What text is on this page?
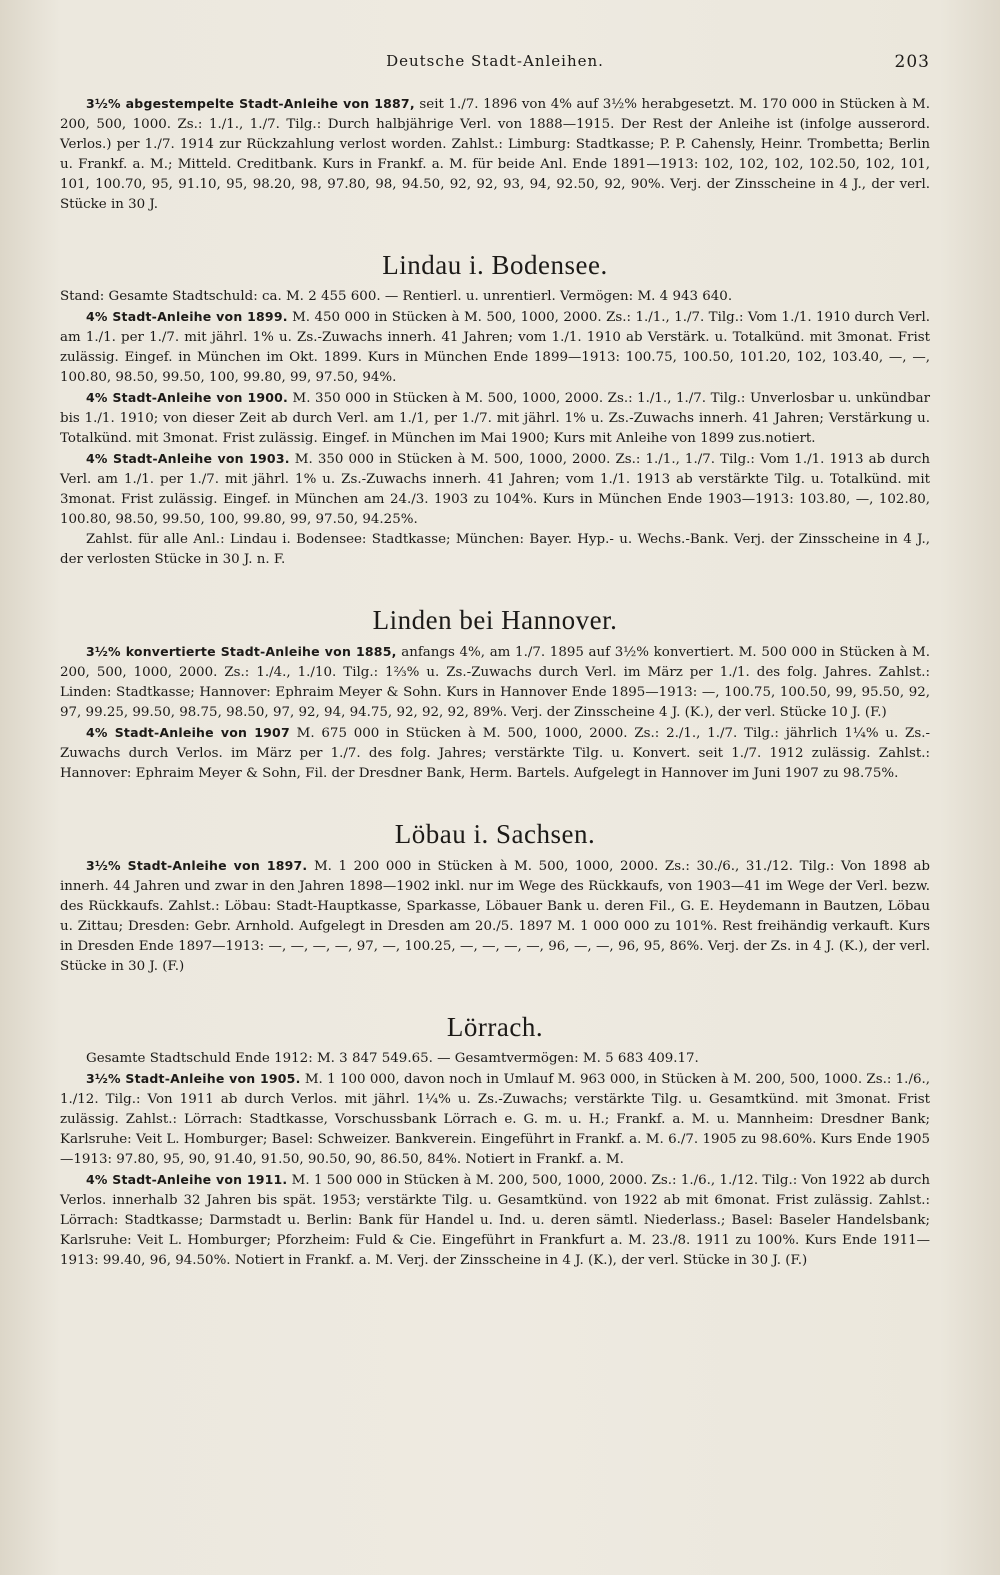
Deutsche Stadt-Anleihen.	203

3½% abgestempelte Stadt-Anleihe von 1887, seit 1./7. 1896 von 4% auf 3½% herabgesetzt. M. 170 000 in Stücken à M. 200, 500, 1000. Zs.: 1./1., 1./7. Tilg.: Durch halbjährige Verl. von 1888—1915. Der Rest der Anleihe ist (infolge ausserord. Verlos.) per 1./7. 1914 zur Rückzahlung verlost worden. Zahlst.: Limburg: Stadtkasse; P. P. Cahensly, Heinr. Trombetta; Berlin u. Frankf. a. M.; Mitteld. Creditbank. Kurs in Frankf. a. M. für beide Anl. Ende 1891—1913: 102, 102, 102, 102.50, 102, 101, 101, 100.70, 95, 91.10, 95, 98.20, 98, 97.80, 98, 94.50, 92, 92, 93, 94, 92.50, 92, 90%. Verj. der Zinsscheine in 4 J., der verl. Stücke in 30 J.

Lindau i. Bodensee.

Stand: Gesamte Stadtschuld: ca. M. 2 455 600. — Rentierl. u. unrentierl. Vermögen: M. 4 943 640.

4% Stadt-Anleihe von 1899. M. 450 000 in Stücken à M. 500, 1000, 2000. Zs.: 1./1., 1./7. Tilg.: Vom 1./1. 1910 durch Verl. am 1./1. per 1./7. mit jährl. 1% u. Zs.-Zuwachs innerh. 41 Jahren; vom 1./1. 1910 ab Verstärk. u. Totalkünd. mit 3monat. Frist zulässig. Eingef. in München im Okt. 1899. Kurs in München Ende 1899—1913: 100.75, 100.50, 101.20, 102, 103.40, —, —, 100.80, 98.50, 99.50, 100, 99.80, 99, 97.50, 94%.

4% Stadt-Anleihe von 1900. M. 350 000 in Stücken à M. 500, 1000, 2000. Zs.: 1./1., 1./7. Tilg.: Unverlosbar u. unkündbar bis 1./1. 1910; von dieser Zeit ab durch Verl. am 1./1, per 1./7. mit jährl. 1% u. Zs.-Zuwachs innerh. 41 Jahren; Verstärkung u. Totalkünd. mit 3monat. Frist zulässig. Eingef. in München im Mai 1900; Kurs mit Anleihe von 1899 zus.notiert.

4% Stadt-Anleihe von 1903. M. 350 000 in Stücken à M. 500, 1000, 2000. Zs.: 1./1., 1./7. Tilg.: Vom 1./1. 1913 ab durch Verl. am 1./1. per 1./7. mit jährl. 1% u. Zs.-Zuwachs innerh. 41 Jahren; vom 1./1. 1913 ab verstärkte Tilg. u. Totalkünd. mit 3monat. Frist zulässig. Eingef. in München am 24./3. 1903 zu 104%. Kurs in München Ende 1903—1913: 103.80, —, 102.80, 100.80, 98.50, 99.50, 100, 99.80, 99, 97.50, 94.25%.

Zahlst. für alle Anl.: Lindau i. Bodensee: Stadtkasse; München: Bayer. Hyp.- u. Wechs.-Bank. Verj. der Zinsscheine in 4 J., der verlosten Stücke in 30 J. n. F.

Linden bei Hannover.

3½% konvertierte Stadt-Anleihe von 1885, anfangs 4%, am 1./7. 1895 auf 3½% konvertiert. M. 500 000 in Stücken à M. 200, 500, 1000, 2000. Zs.: 1./4., 1./10. Tilg.: 1⅔% u. Zs.-Zuwachs durch Verl. im März per 1./1. des folg. Jahres. Zahlst.: Linden: Stadtkasse; Hannover: Ephraim Meyer & Sohn. Kurs in Hannover Ende 1895—1913: —, 100.75, 100.50, 99, 95.50, 92, 97, 99.25, 99.50, 98.75, 98.50, 97, 92, 94, 94.75, 92, 92, 92, 89%. Verj. der Zinsscheine 4 J. (K.), der verl. Stücke 10 J. (F.)

4% Stadt-Anleihe von 1907 M. 675 000 in Stücken à M. 500, 1000, 2000. Zs.: 2./1., 1./7. Tilg.: jährlich 1¼% u. Zs.-Zuwachs durch Verlos. im März per 1./7. des folg. Jahres; verstärkte Tilg. u. Konvert. seit 1./7. 1912 zulässig. Zahlst.: Hannover: Ephraim Meyer & Sohn, Fil. der Dresdner Bank, Herm. Bartels. Aufgelegt in Hannover im Juni 1907 zu 98.75%.

Löbau i. Sachsen.

3½% Stadt-Anleihe von 1897. M. 1 200 000 in Stücken à M. 500, 1000, 2000. Zs.: 30./6., 31./12. Tilg.: Von 1898 ab innerh. 44 Jahren und zwar in den Jahren 1898—1902 inkl. nur im Wege des Rückkaufs, von 1903—41 im Wege der Verl. bezw. des Rückkaufs. Zahlst.: Löbau: Stadt-Hauptkasse, Sparkasse, Löbauer Bank u. deren Fil., G. E. Heydemann in Bautzen, Löbau u. Zittau; Dresden: Gebr. Arnhold. Aufgelegt in Dresden am 20./5. 1897 M. 1 000 000 zu 101%. Rest freihändig verkauft. Kurs in Dresden Ende 1897—1913: —, —, —, —, 97, —, 100.25, —, —, —, —, 96, —, —, 96, 95, 86%. Verj. der Zs. in 4 J. (K.), der verl. Stücke in 30 J. (F.)

Lörrach.

Gesamte Stadtschuld Ende 1912: M. 3 847 549.65. — Gesamtvermögen: M. 5 683 409.17.

3½% Stadt-Anleihe von 1905. M. 1 100 000, davon noch in Umlauf M. 963 000, in Stücken à M. 200, 500, 1000. Zs.: 1./6., 1./12. Tilg.: Von 1911 ab durch Verlos. mit jährl. 1¼% u. Zs.-Zuwachs; verstärkte Tilg. u. Gesamtkünd. mit 3monat. Frist zulässig. Zahlst.: Lörrach: Stadtkasse, Vorschussbank Lörrach e. G. m. u. H.; Frankf. a. M. u. Mannheim: Dresdner Bank; Karlsruhe: Veit L. Homburger; Basel: Schweizer. Bankverein. Eingeführt in Frankf. a. M. 6./7. 1905 zu 98.60%. Kurs Ende 1905—1913: 97.80, 95, 90, 91.40, 91.50, 90.50, 90, 86.50, 84%. Notiert in Frankf. a. M.

4% Stadt-Anleihe von 1911. M. 1 500 000 in Stücken à M. 200, 500, 1000, 2000. Zs.: 1./6., 1./12. Tilg.: Von 1922 ab durch Verlos. innerhalb 32 Jahren bis spät. 1953; verstärkte Tilg. u. Gesamtkünd. von 1922 ab mit 6monat. Frist zulässig. Zahlst.: Lörrach: Stadtkasse; Darmstadt u. Berlin: Bank für Handel u. Ind. u. deren sämtl. Niederlass.; Basel: Baseler Handelsbank; Karlsruhe: Veit L. Homburger; Pforzheim: Fuld & Cie. Eingeführt in Frankfurt a. M. 23./8. 1911 zu 100%. Kurs Ende 1911—1913: 99.40, 96, 94.50%. Notiert in Frankf. a. M. Verj. der Zinsscheine in 4 J. (K.), der verl. Stücke in 30 J. (F.)
